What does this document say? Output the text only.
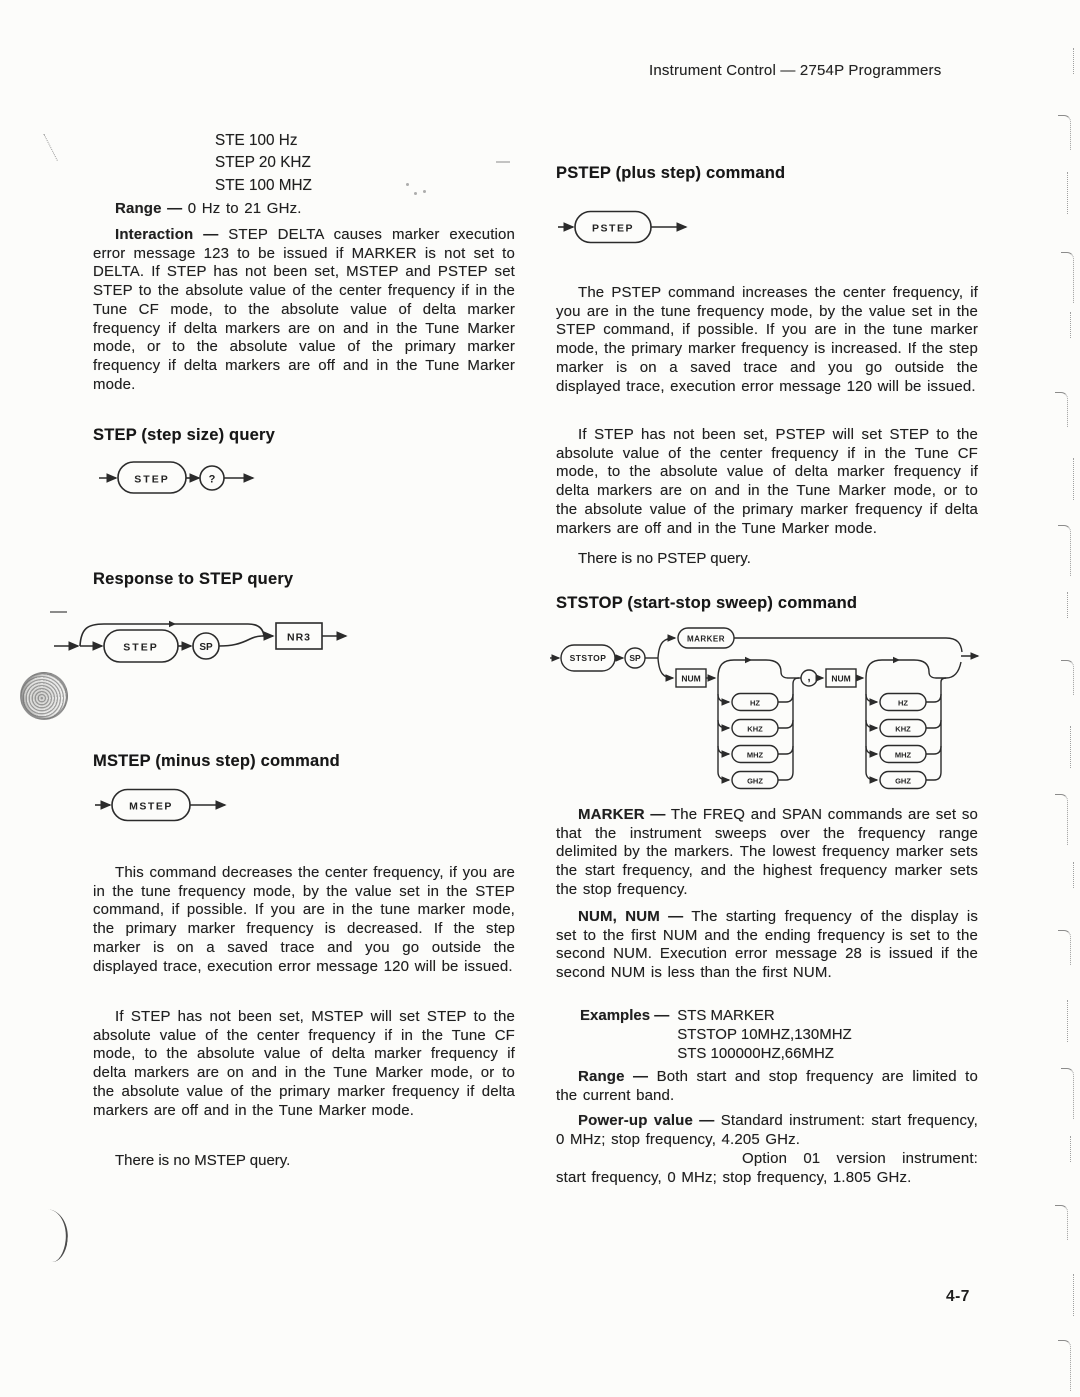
Instrument Control — 2754P Programmers
STE 100 Hz
STEP 20 KHZ
STE 100 MHZ
Range — 0 Hz to 21 GHz.
Interaction — STEP DELTA causes marker execution error message 123 to be issued if MARKER is not set to DELTA. If STEP has not been set, MSTEP and PSTEP set STEP to the absolute value of the center frequency if in the Tune CF mode, to the absolute value of delta marker frequency if delta markers are on and in the Tune Marker mode, or to the absolute value of the primary marker frequency if delta markers are off and in the Tune Marker mode.
STEP (step size) query
STEP	?
Response to STEP query
STEP	SP
NR3
MSTEP (minus step) command
MSTEP
This command decreases the center frequency, if you are in the tune frequency mode, by the value set in the STEP command, if possible. If you are in the tune marker mode, the primary marker frequency is decreased. If the step marker is on a saved trace and you go outside the displayed trace, execution error message 120 will be issued.
If STEP has not been set, MSTEP will set STEP to the absolute value of the center frequency if in the Tune CF mode, to the absolute value of delta marker frequency if delta markers are on and in the Tune Marker mode, or to the absolute value of the primary marker frequency if delta markers are off and in the Tune Marker mode.
There is no MSTEP query.
PSTEP (plus step) command
PSTEP
The PSTEP command increases the center frequency, if you are in the tune frequency mode, by the value set in the STEP command, if possible. If you are in the tune marker mode, the primary marker frequency is increased. If the step marker is on a saved trace and you go outside the displayed trace, execution error message 120 will be issued.
If STEP has not been set, PSTEP will set STEP to the absolute value of the center frequency if in the Tune CF mode, to the absolute value of delta marker frequency if delta markers are on and in the Tune Marker mode, or to the absolute value of the primary marker frequency if delta markers are off and in the Tune Marker mode.
There is no PSTEP query.
STSTOP (start-stop sweep) command
STSTOP	SP
MARKER
NUM	, NUM
HZ
KHZ
MHZ
GHZ
HZ
KHZ
MHZ
GHZ
MARKER — The FREQ and SPAN commands are set so that the instrument sweeps over the frequency range delimited by the markers. The lowest frequency marker sets the start frequency, and the highest frequency marker sets the stop frequency.
NUM, NUM — The starting frequency of the display is set to the first NUM and the ending frequency is set to the second NUM. Execution error message 28 is issued if the second NUM is less than the first NUM.
Examples — STS MARKER
STSTOP 10MHZ,130MHZ
STS 100000HZ,66MHZ
Range — Both start and stop frequency are limited to the current band.
Power-up value — Standard instrument: start frequency, 0 MHz; stop frequency, 4.205 GHz.
Option 01 version instrument: start frequency, 0 MHz; stop frequency, 1.805 GHz.
4-7
